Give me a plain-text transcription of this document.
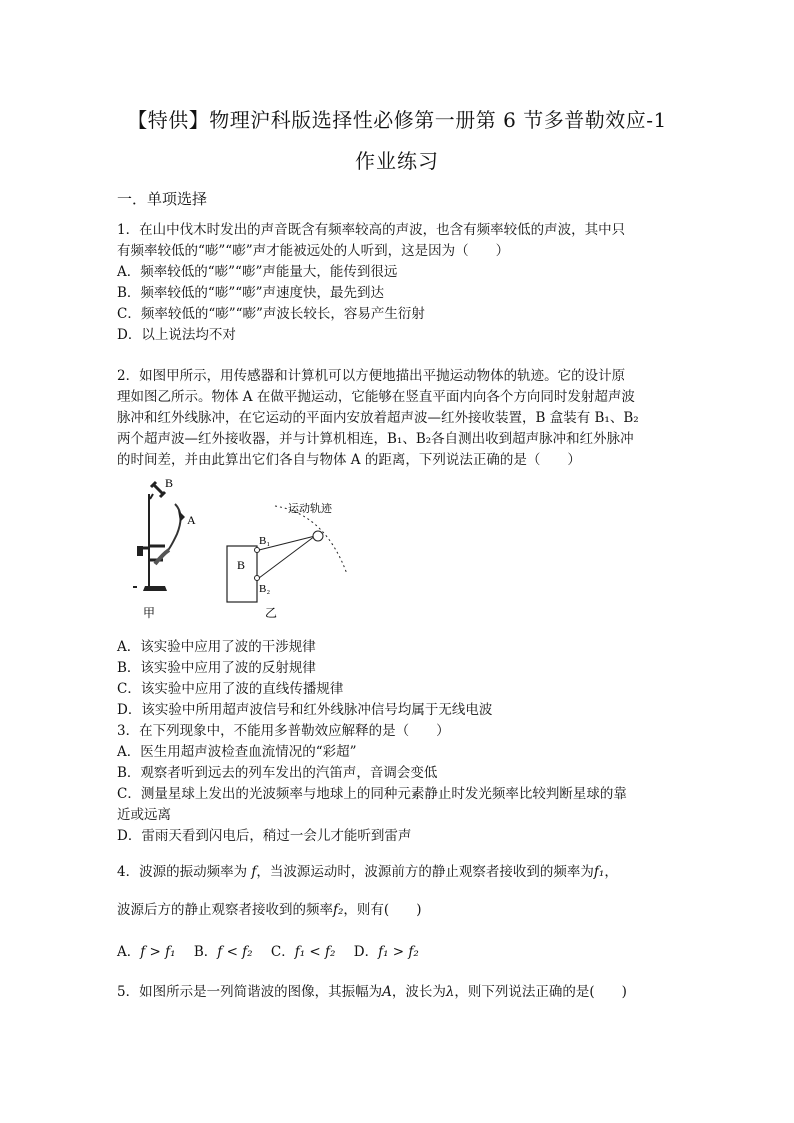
【特供】物理沪科版选择性必修第一册第 6 节多普勒效应-1
作业练习
一．单项选择
1．在山中伐木时发出的声音既含有频率较高的声波，也含有频率较低的声波，其中只
有频率较低的“嘭”“嘭”声才能被远处的人听到，这是因为（　　）
A．频率较低的“嘭”“嘭”声能量大，能传到很远
B．频率较低的“嘭”“嘭”声速度快，最先到达
C．频率较低的“嘭”“嘭”声波长较长，容易产生衍射
D．以上说法均不对
2．如图甲所示，用传感器和计算机可以方便地描出平抛运动物体的轨迹。它的设计原
理如图乙所示。物体 A 在做平抛运动，它能够在竖直平面内向各个方向同时发射超声波
脉冲和红外线脉冲，在它运动的平面内安放着超声波—红外接收装置，B 盒装有 B₁、B₂
两个超声波—红外接收器，并与计算机相连，B₁、B₂各自测出收到超声脉冲和红外脉冲
的时间差，并由此算出它们各自与物体 A 的距离，下列说法正确的是（　　）
B
A
甲
B
B₁
B₂
运动轨迹
乙
A．该实验中应用了波的干涉规律
B．该实验中应用了波的反射规律
C．该实验中应用了波的直线传播规律
D．该实验中所用超声波信号和红外线脉冲信号均属于无线电波
3．在下列现象中，不能用多普勒效应解释的是（　　）
A．医生用超声波检查血流情况的“彩超”
B．观察者听到远去的列车发出的汽笛声，音调会变低
C．测量星球上发出的光波频率与地球上的同种元素静止时发光频率比较判断星球的靠
近或远离
D．雷雨天看到闪电后，稍过一会儿才能听到雷声
4．波源的振动频率为 f，当波源运动时，波源前方的静止观察者接收到的频率为f₁，
波源后方的静止观察者接收到的频率f₂，则有(　　)
A．f > f₁ B．f < f₂ C．f₁ < f₂ D．f₁ > f₂
5．如图所示是一列简谐波的图像，其振幅为A，波长为λ，则下列说法正确的是(　　)
